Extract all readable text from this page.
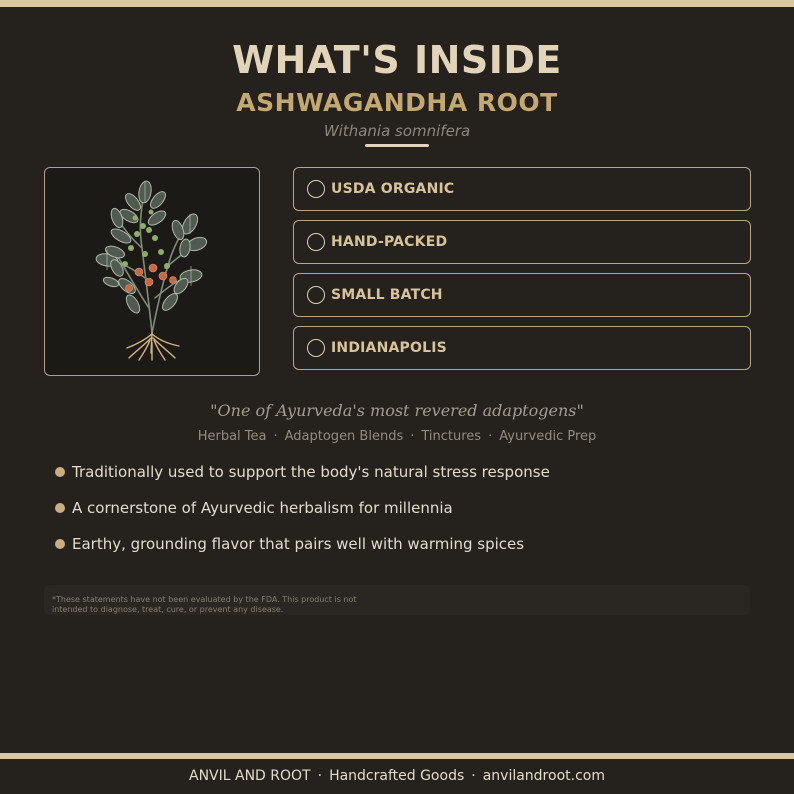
WHAT'S INSIDE
ASHWAGANDHA ROOT
Withania somnifera
USDA ORGANIC
HAND-PACKED
SMALL BATCH
INDIANAPOLIS
"One of Ayurveda's most revered adaptogens"
Herbal Tea · Adaptogen Blends · Tinctures · Ayurvedic Prep
Traditionally used to support the body's natural stress response
A cornerstone of Ayurvedic herbalism for millennia
Earthy, grounding flavor that pairs well with warming spices
*These statements have not been evaluated by the FDA. This product is not
intended to diagnose, treat, cure, or prevent any disease.
ANVIL AND ROOT · Handcrafted Goods · anvilandroot.com
